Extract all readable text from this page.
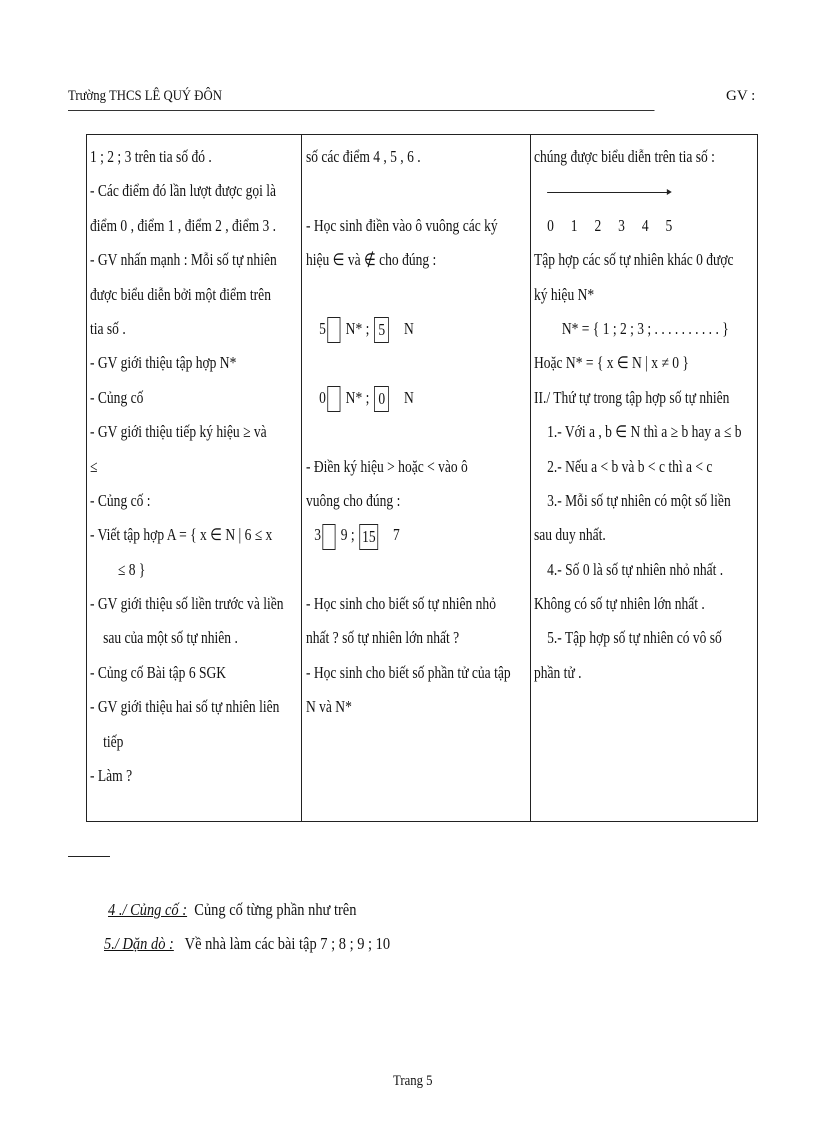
Trường THCS LÊ QUÝ ĐÔN	GV :
1 ; 2 ; 3 trên tia số đó .
- Các điểm đó lần lượt được gọi là
điểm 0 , điểm 1 , điểm 2 , điểm 3 .
- GV nhấn mạnh : Mỗi số tự nhiên
được biểu diễn bởi một điểm trên
tia số .
- GV giới thiệu tập hợp N*
- Củng cố
- GV giới thiệu tiếp ký hiệu ≥ và
≤
- Củng cố :
- Viết tập hợp A = { x ∈ N | 6 ≤ x
≤ 8 }
- GV giới thiệu số liền trước và liền
sau của một số tự nhiên .
- Củng cố Bài tập 6 SGK
- GV giới thiệu hai số tự nhiên liên
tiếp
- Làm ?
số các điểm 4 , 5 , 6 .
- Học sinh điền vào ô vuông các ký
hiệu ∈ và ∉ cho đúng :
5 N* ; 5 N
0 N* ; 0 N
- Điền ký hiệu > hoặc < vào ô
vuông cho đúng :
3 9 ; 15 7
- Học sinh cho biết số tự nhiên nhỏ
nhất ? số tự nhiên lớn nhất ?
- Học sinh cho biết số phần tử của tập
N và N*
chúng được biểu diễn trên tia số :
0     1     2     3     4     5
Tập hợp các số tự nhiên khác 0 được
ký hiệu N*
N* = { 1 ; 2 ; 3 ; . . . . . . . . . . }
Hoặc N* = { x ∈ N | x ≠ 0 }
II./ Thứ tự trong tập hợp số tự nhiên
1.- Với a , b ∈ N thì a ≥ b hay a ≤ b
2.- Nếu a < b và b < c thì a < c
3.- Mỗi số tự nhiên có một số liền
sau duy nhất.
4.- Số 0 là số tự nhiên nhỏ nhất .
Không có số tự nhiên lớn nhất .
5.- Tập hợp số tự nhiên có vô số
phần tử .
4 ./ Củng cố : Củng cố từng phần như trên
5./ Dặn dò : Về nhà làm các bài tập 7 ; 8 ; 9 ; 10
Trang 5
